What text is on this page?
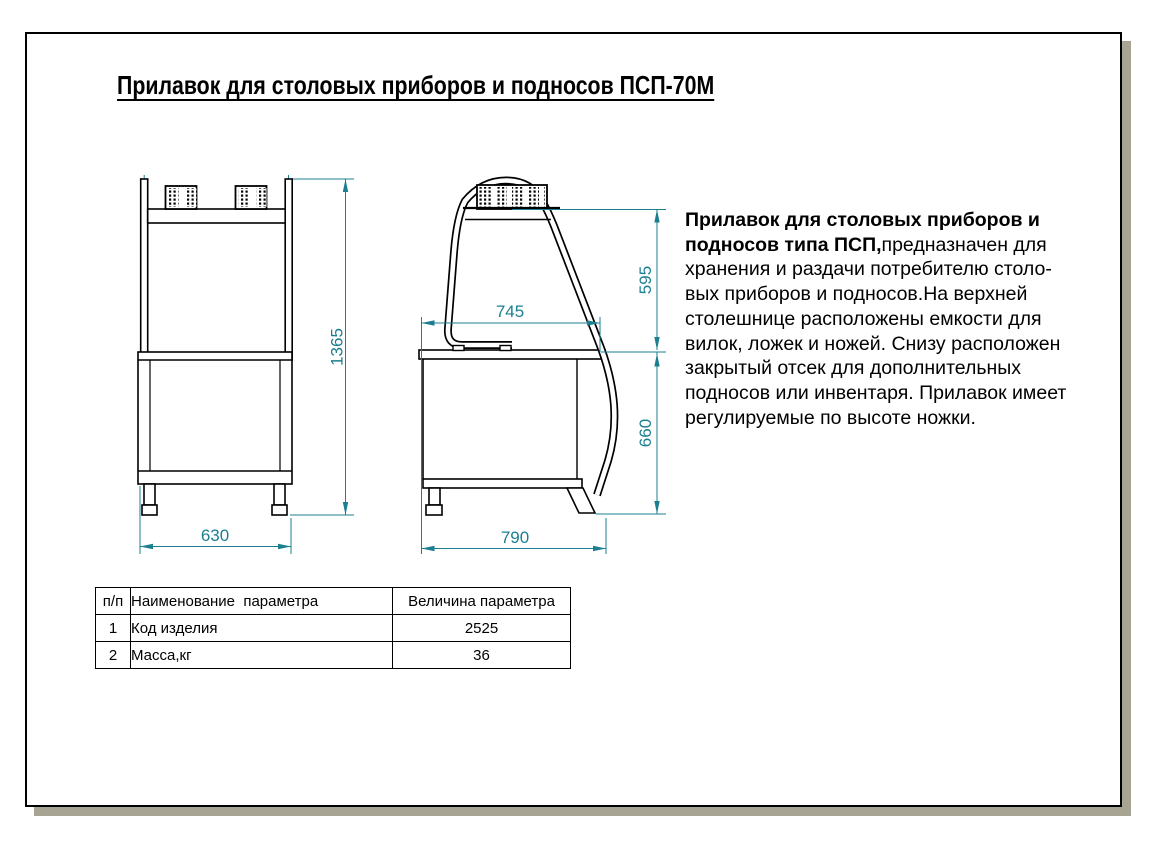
Прилавок для столовых приборов и подносов ПСП-70М
1365
630
745
595
660
790
Прилавок для столовых приборов и
подносов типа ПСП,предназначен для
хранения и раздачи потребителю столо-
вых приборов и подносов.На верхней
столешнице расположены емкости для
вилок, ложек и ножей. Снизу расположен
закрытый отсек для дополнительных
подносов или инвентаря. Прилавок имеет
регулируемые по высоте ножки.
п/п	Наименование  параметра	Величина параметра
1	Код изделия	2525
2	Масса,кг	36
